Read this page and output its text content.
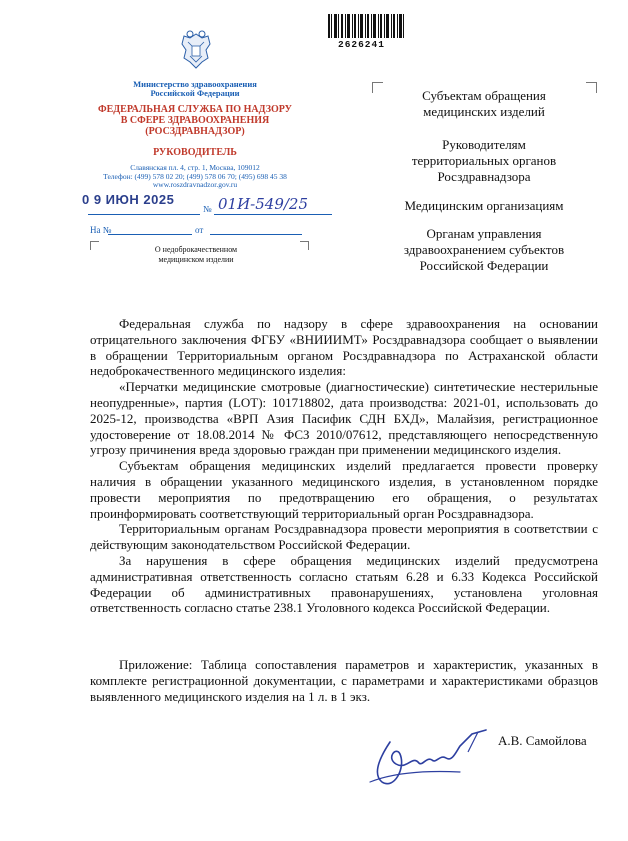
2626241
Министерство здравоохранения
Российской Федерации
ФЕДЕРАЛЬНАЯ СЛУЖБА ПО НАДЗОРУ
В СФЕРЕ ЗДРАВООХРАНЕНИЯ
(РОСЗДРАВНАДЗОР)
РУКОВОДИТЕЛЬ
Славянская пл. 4, стр. 1, Москва, 109012
Телефон: (499) 578 02 20; (499) 578 06 70; (495) 698 45 38
www.roszdravnadzor.gov.ru
0 9 ИЮН 2025
№ 01И-549/25
На №	от
О недоброкачественном
медицинском изделии
Субъектам обращения
медицинских изделий
Руководителям
территориальных органов
Росздравнадзора
Медицинским организациям
Органам управления
здравоохранением субъектов
Российской Федерации

Федеральная служба по надзору в сфере здравоохранения на основании отрицательного заключения ФГБУ «ВНИИИМТ» Росздравнадзора сообщает о выявлении в обращении Территориальным органом Росздравнадзора по Астраханской области недоброкачественного медицинского изделия:

«Перчатки медицинские смотровые (диагностические) синтетические нестерильные неопудренные», партия (LOT): 101718802, дата производства: 2021-01, использовать до 2025-12, производства «ВРП Азия Пасифик СДН БХД», Малайзия, регистрационное удостоверение от 18.08.2014 № ФСЗ 2010/07612, представляющего непосредственную угрозу причинения вреда здоровью граждан при применении медицинского изделия.

Субъектам обращения медицинских изделий предлагается провести проверку наличия в обращении указанного медицинского изделия, в установленном порядке провести мероприятия по предотвращению его обращения, о результатах проинформировать соответствующий территориальный орган Росздравнадзора.

Территориальным органам Росздравнадзора провести мероприятия в соответствии с действующим законодательством Российской Федерации.

За нарушения в сфере обращения медицинских изделий предусмотрена административная ответственность согласно статьям 6.28 и 6.33 Кодекса Российской Федерации об административных правонарушениях, установлена уголовная ответственность согласно статье 238.1 Уголовного кодекса Российской Федерации.

Приложение: Таблица сопоставления параметров и характеристик, указанных в комплекте регистрационной документации, с параметрами и характеристиками образцов выявленного медицинского изделия на 1 л. в 1 экз.
А.В. Самойлова
